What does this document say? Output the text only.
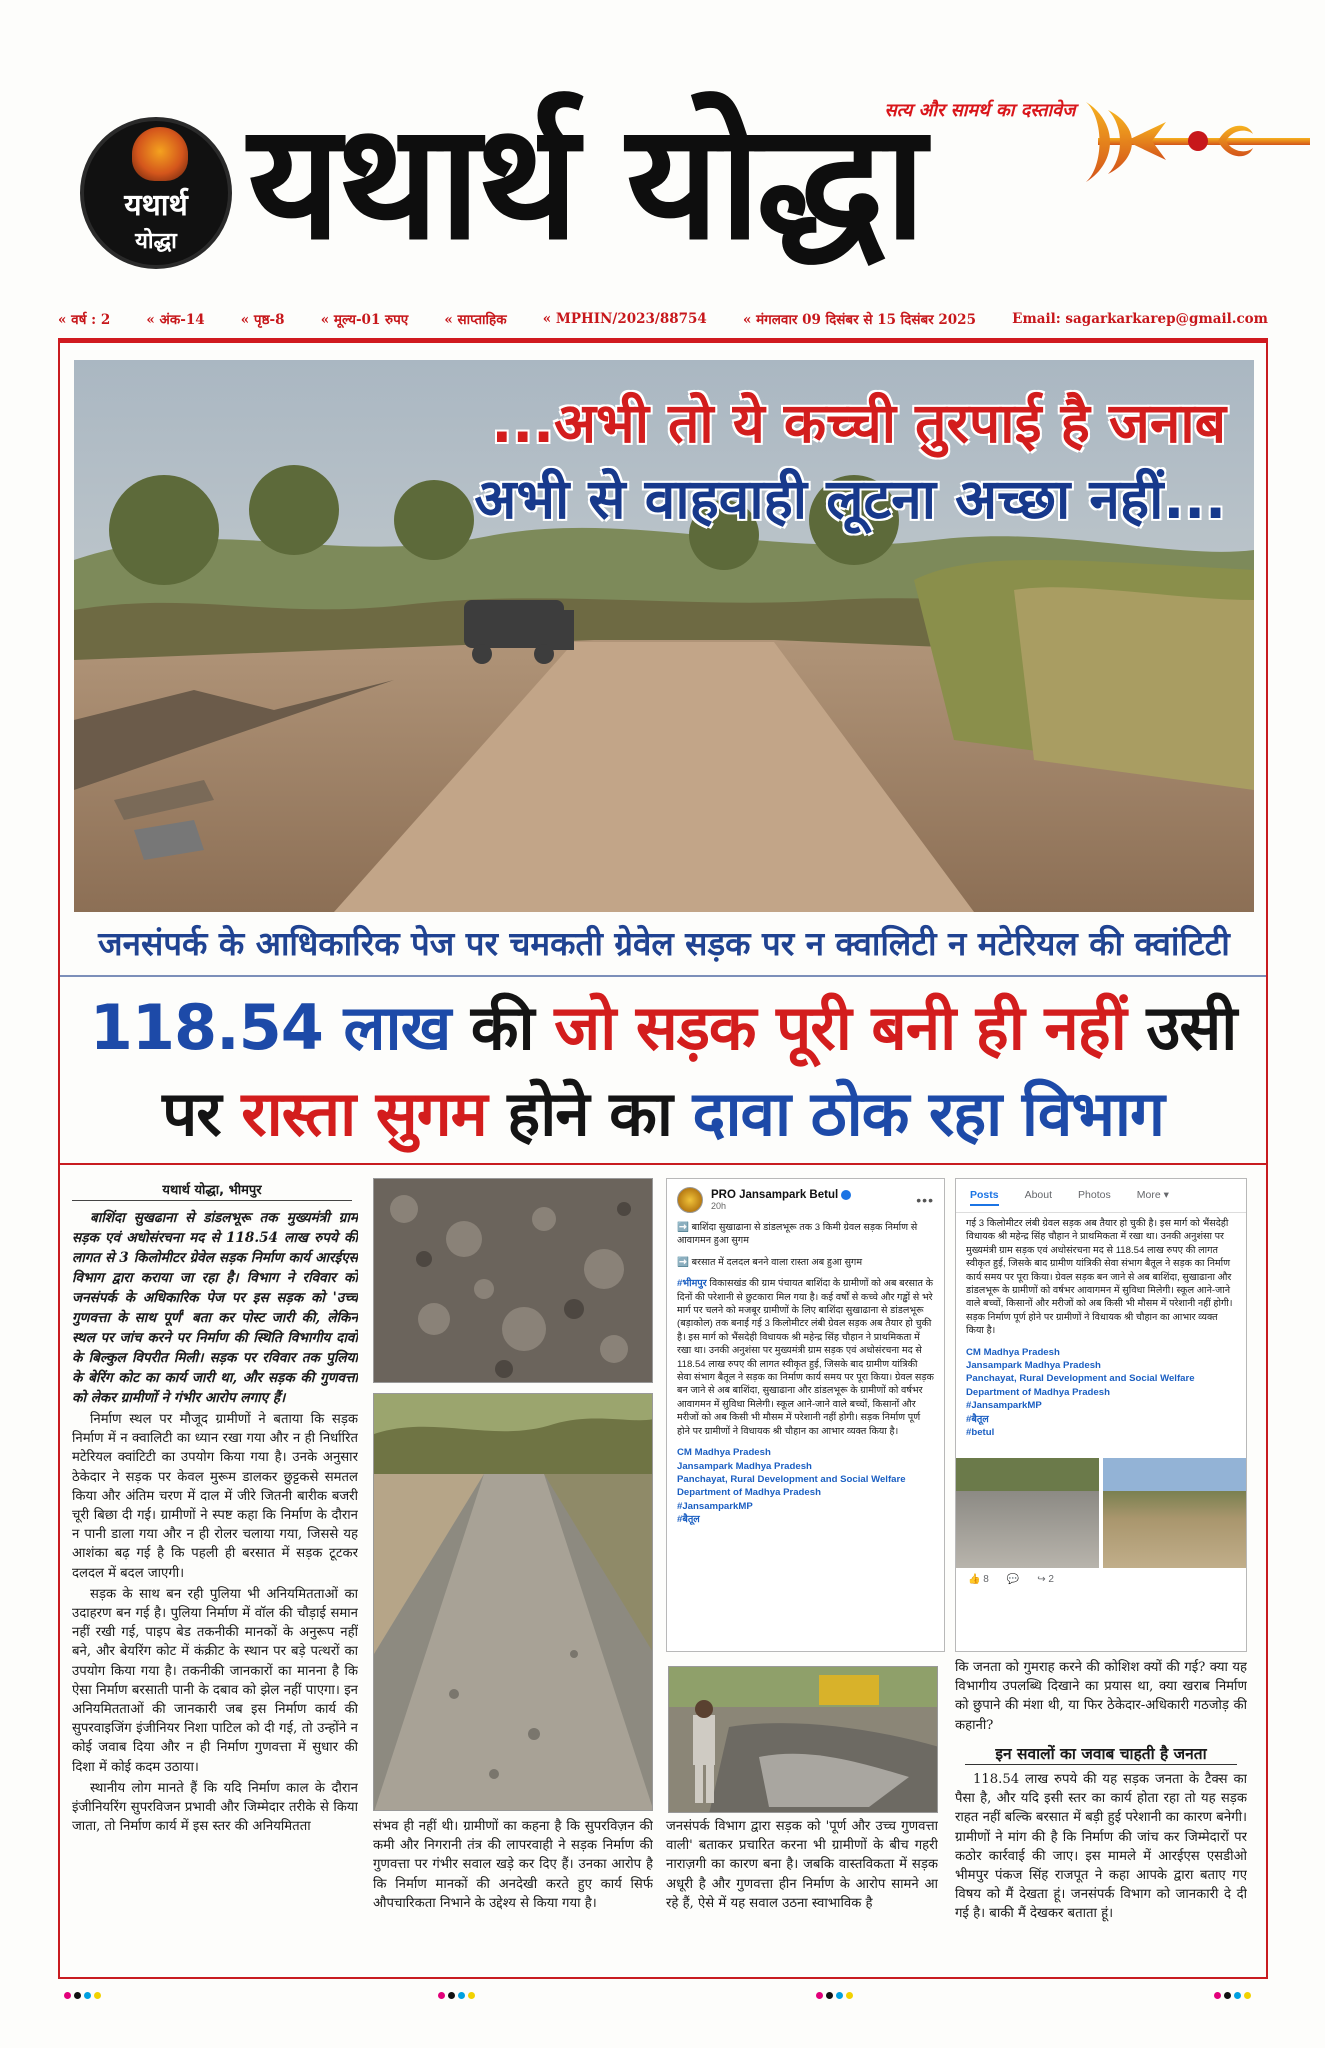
यथार्थ
योद्धा यथार्थ योद्धा
सत्य और सामर्थ का दस्तावेज
« वर्ष : 2	« अंक-14	« पृष्ठ-8	« मूल्य-01 रुपए	« साप्ताहिक	« MPHIN/2023/88754	« मंगलवार 09 दिसंबर से 15 दिसंबर 2025	Email: sagarkarkarep@gmail.com
...अभी तो ये कच्ची तुरपाई है जनाब
अभी से वाहवाही लूटना अच्छा नहीं...
जनसंपर्क के आधिकारिक पेज पर चमकती ग्रेवेल सड़क पर न क्वालिटी न मटेरियल की क्वांटिटी
118.54 लाख की जो सड़क पूरी बनी ही नहीं उसी
पर रास्ता सुगम होने का दावा ठोक रहा विभाग
यथार्थ योद्धा, भीमपुर

बाशिंदा सुखढाना से डांडलभूरू तक मुख्यमंत्री ग्राम सड़क एवं अधोसंरचना मद से 118.54 लाख रुपये की लागत से 3 किलोमीटर ग्रेवेल सड़क निर्माण कार्य आरईएस विभाग द्वारा कराया जा रहा है। विभाग ने रविवार को जनसंपर्क के अधिकारिक पेज पर इस सड़क को 'उच्च गुणवत्ता के साथ पूर्ण' बता कर पोस्ट जारी की, लेकिन स्थल पर जांच करने पर निर्माण की स्थिति विभागीय दावों के बिल्कुल विपरीत मिली। सड़क पर रविवार तक पुलिया के बेरिंग कोट का कार्य जारी था, और सड़क की गुणवत्ता को लेकर ग्रामीणों ने गंभीर आरोप लगाए हैं।

निर्माण स्थल पर मौजूद ग्रामीणों ने बताया कि सड़क निर्माण में न क्वालिटी का ध्यान रखा गया और न ही निर्धारित मटेरियल क्वांटिटी का उपयोग किया गया है। उनके अनुसार ठेकेदार ने सड़क पर केवल मुरूम डालकर छुट्टकसे समतल किया और अंतिम चरण में दाल में जीरे जितनी बारीक बजरी चूरी बिछा दी गई। ग्रामीणों ने स्पष्ट कहा कि निर्माण के दौरान न पानी डाला गया और न ही रोलर चलाया गया, जिससे यह आशंका बढ़ गई है कि पहली ही बरसात में सड़क टूटकर दलदल में बदल जाएगी।

सड़क के साथ बन रही पुलिया भी अनियमितताओं का उदाहरण बन गई है। पुलिया निर्माण में वॉल की चौड़ाई समान नहीं रखी गई, पाइप बेड तकनीकी मानकों के अनुरूप नहीं बने, और बेयरिंग कोट में कंक्रीट के स्थान पर बड़े पत्थरों का उपयोग किया गया है। तकनीकी जानकारों का मानना है कि ऐसा निर्माण बरसाती पानी के दबाव को झेल नहीं पाएगा। इन अनियमितताओं की जानकारी जब इस निर्माण कार्य की सुपरवाइजिंग इंजीनियर निशा पाटिल को दी गई, तो उन्होंने न कोई जवाब दिया और न ही निर्माण गुणवत्ता में सुधार की दिशा में कोई कदम उठाया।

स्थानीय लोग मानते हैं कि यदि निर्माण काल के दौरान इंजीनियरिंग सुपरविजन प्रभावी और जिम्मेदार तरीके से किया जाता, तो निर्माण कार्य में इस स्तर की अनियमितता	संभव ही नहीं थी। ग्रामीणों का कहना है कि सुपरविज़न की कमी और निगरानी तंत्र की लापरवाही ने सड़क निर्माण की गुणवत्ता पर गंभीर सवाल खड़े कर दिए हैं। उनका आरोप है कि निर्माण मानकों की अनदेखी करते हुए कार्य सिर्फ औपचारिकता निभाने के उद्देश्य से किया गया है।

PRO Jansampark Betul
20h	•••

➡️ बाशिंदा सुखाढाना से डांडलभूरू तक 3 किमी ग्रेवल सड़क निर्माण से आवागमन हुआ सुगम

➡️ बरसात में दलदल बनने वाला रास्ता अब हुआ सुगम

#भीमपुर विकासखंड की ग्राम पंचायत बाशिंदा के ग्रामीणों को अब बरसात के दिनों की परेशानी से छुटकारा मिल गया है। कई वर्षों से कच्चे और गड्ढों से भरे मार्ग पर चलने को मजबूर ग्रामीणों के लिए बाशिंदा सुखाढाना से डांडलभूरू (बड़ाकोल) तक बनाई गई 3 किलोमीटर लंबी ग्रेवल सड़क अब तैयार हो चुकी है। इस मार्ग को भैंसदेही विधायक श्री महेन्द्र सिंह चौहान ने प्राथमिकता में रखा था। उनकी अनुशंसा पर मुख्यमंत्री ग्राम सड़क एवं अधोसंरचना मद से 118.54 लाख रुपए की लागत स्वीकृत हुई, जिसके बाद ग्रामीण यांत्रिकी सेवा संभाग बैतूल ने सड़क का निर्माण कार्य समय पर पूरा किया। ग्रेवल सड़क बन जाने से अब बाशिंदा, सुखाढाना और डांडलभूरू के ग्रामीणों को वर्षभर आवागमन में सुविधा मिलेगी। स्कूल आने-जाने वाले बच्चों, किसानों और मरीजों को अब किसी भी मौसम में परेशानी नहीं होगी। सड़क निर्माण पूर्ण होने पर ग्रामीणों ने विधायक श्री चौहान का आभार व्यक्त किया है।

CM Madhya Pradesh
Jansampark Madhya Pradesh
Panchayat, Rural Development and Social Welfare Department of Madhya Pradesh
#JansamparkMP
#बैतूल

जनसंपर्क विभाग द्वारा सड़क को 'पूर्ण और उच्च गुणवत्ता वाली' बताकर प्रचारित करना भी ग्रामीणों के बीच गहरी नाराज़गी का कारण बना है। जबकि वास्तविकता में सड़क अधूरी है और गुणवत्ता हीन निर्माण के आरोप सामने आ रहे हैं, ऐसे में यह सवाल उठना स्वाभाविक है

Posts About Photos More ▾

गई 3 किलोमीटर लंबी ग्रेवल सड़क अब तैयार हो चुकी है। इस मार्ग को भैंसदेही विधायक श्री महेन्द्र सिंह चौहान ने प्राथमिकता में रखा था। उनकी अनुशंसा पर मुख्यमंत्री ग्राम सड़क एवं अधोसंरचना मद से 118.54 लाख रुपए की लागत स्वीकृत हुई, जिसके बाद ग्रामीण यांत्रिकी सेवा संभाग बैतूल ने सड़क का निर्माण कार्य समय पर पूरा किया। ग्रेवल सड़क बन जाने से अब बाशिंदा, सुखाढाना और डांडलभूरू के ग्रामीणों को वर्षभर आवागमन में सुविधा मिलेगी। स्कूल आने-जाने वाले बच्चों, किसानों और मरीजों को अब किसी भी मौसम में परेशानी नहीं होगी। सड़क निर्माण पूर्ण होने पर ग्रामीणों ने विधायक श्री चौहान का आभार व्यक्त किया है।

CM Madhya Pradesh
Jansampark Madhya Pradesh
Panchayat, Rural Development and Social Welfare Department of Madhya Pradesh
#JansamparkMP
#बैतूल
#betul

👍 8 💬 ↪ 2

कि जनता को गुमराह करने की कोशिश क्यों की गई? क्या यह विभागीय उपलब्धि दिखाने का प्रयास था, क्या खराब निर्माण को छुपाने की मंशा थी, या फिर ठेकेदार-अधिकारी गठजोड़ की कहानी?

इन सवालों का जवाब चाहती है जनता

118.54 लाख रुपये की यह सड़क जनता के टैक्स का पैसा है, और यदि इसी स्तर का कार्य होता रहा तो यह सड़क राहत नहीं बल्कि बरसात में बड़ी हुई परेशानी का कारण बनेगी। ग्रामीणों ने मांग की है कि निर्माण की जांच कर जिम्मेदारों पर कठोर कार्रवाई की जाए। इस मामले में आरईएस एसडीओ भीमपुर पंकज सिंह राजपूत ने कहा आपके द्वारा बताए गए विषय को मैं देखता हूं। जनसंपर्क विभाग को जानकारी दे दी गई है। बाकी मैं देखकर बताता हूं।
